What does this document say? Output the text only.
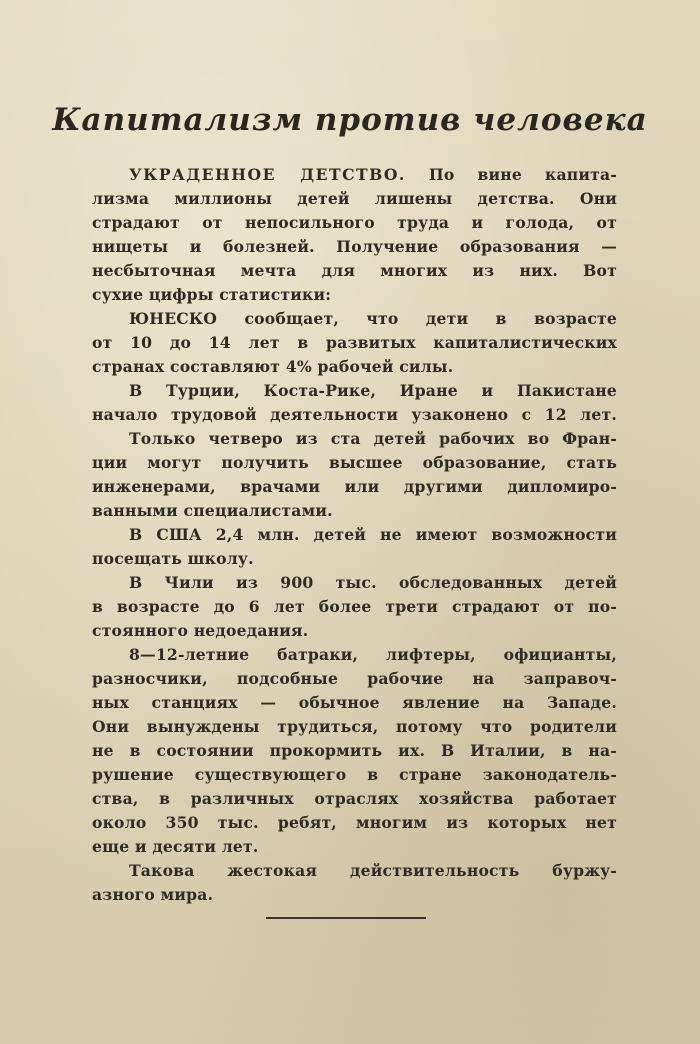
Капитализм против человека
УКРАДЕННОЕ ДЕТСТВО. По вине капита-
лизма миллионы детей лишены детства. Они
страдают от непосильного труда и голода, от
нищеты и болезней. Получение образования —
несбыточная мечта для многих из них. Вот
сухие цифры статистики:
ЮНЕСКО сообщает, что дети в возрасте
от 10 до 14 лет в развитых капиталистических
странах составляют 4% рабочей силы.
В Турции, Коста-Рике, Иране и Пакистане
начало трудовой деятельности узаконено с 12 лет.
Только четверо из ста детей рабочих во Фран-
ции могут получить высшее образование, стать
инженерами, врачами или другими дипломиро-
ванными специалистами.
В США 2,4 млн. детей не имеют возможности
посещать школу.
В Чили из 900 тыс. обследованных детей
в возрасте до 6 лет более трети страдают от по-
стоянного недоедания.
8—12-летние батраки, лифтеры, официанты,
разносчики, подсобные рабочие на заправоч-
ных станциях — обычное явление на Западе.
Они вынуждены трудиться, потому что родители
не в состоянии прокормить их. В Италии, в на-
рушение существующего в стране законодатель-
ства, в различных отраслях хозяйства работает
около 350 тыс. ребят, многим из которых нет
еще и десяти лет.
Такова жестокая действительность буржу-
азного мира.
